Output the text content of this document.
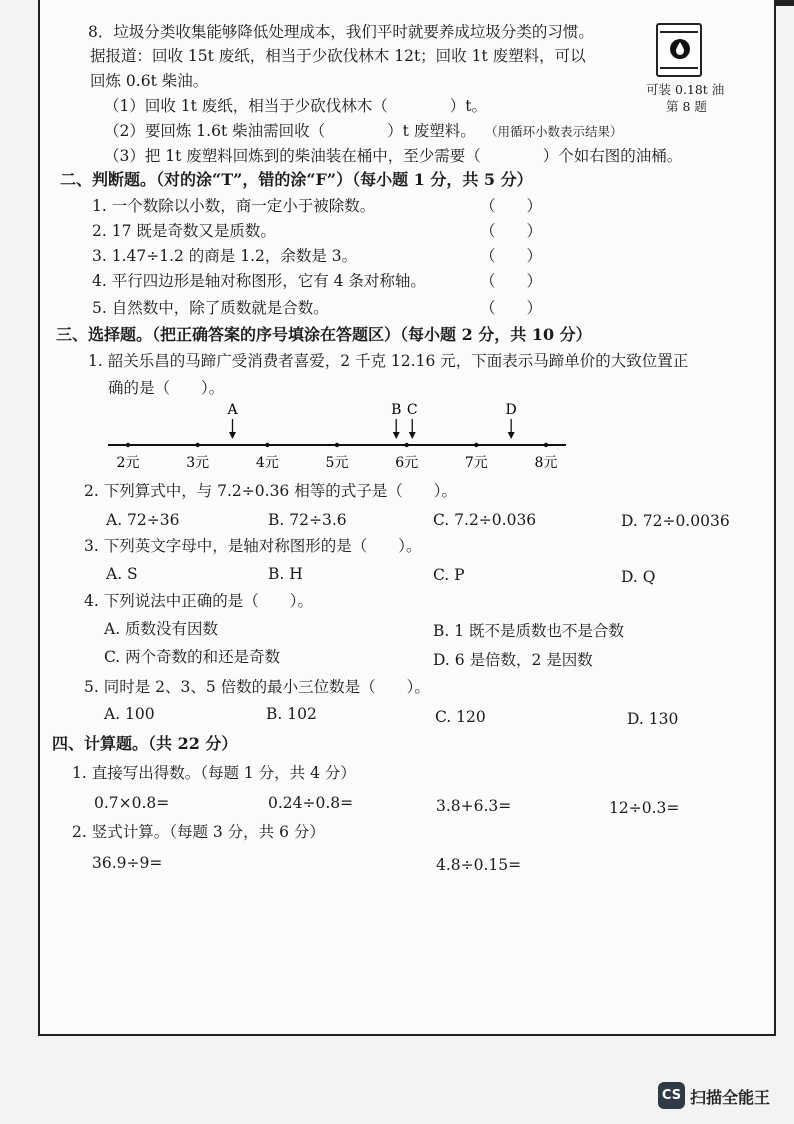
8．垃圾分类收集能够降低处理成本，我们平时就要养成垃圾分类的习惯。
据报道：回收 15t 废纸，相当于少砍伐林木 12t；回收 1t 废塑料，可以
回炼 0.6t 柴油。
（1）回收 1t 废纸，相当于少砍伐林木（　　　　）t。
（2）要回炼 1.6t 柴油需回收（　　　　）t 废塑料。 （用循环小数表示结果）
（3）把 1t 废塑料回炼到的柴油装在桶中，至少需要（　　　　）个如右图的油桶。
可装 0.18t 油
第 8 题
二、判断题。（对的涂“T”，错的涂“F”）（每小题 1 分，共 5 分）
1. 一个数除以小数，商一定小于被除数。	（　　）
2. 17 既是奇数又是质数。	（　　）
3. 1.47÷1.2 的商是 1.2，余数是 3。	（　　）
4. 平行四边形是轴对称图形，它有 4 条对称轴。	（　　）
5. 自然数中，除了质数就是合数。	（　　）
三、选择题。（把正确答案的序号填涂在答题区）（每小题 2 分，共 10 分）
1. 韶关乐昌的马蹄广受消费者喜爱，2 千克 12.16 元，下面表示马蹄单价的大致位置正
确的是（　　）。
2元	3元	4元	5元	6元	7元	8元
A	B C	D
2. 下列算式中，与 7.2÷0.36 相等的式子是（　　）。
A. 72÷36	B. 72÷3.6	C. 7.2÷0.036	D. 72÷0.0036
3. 下列英文字母中，是轴对称图形的是（　　）。
A. S	B. H	C. P	D. Q
4. 下列说法中正确的是（　　）。
A. 质数没有因数	B. 1 既不是质数也不是合数
C. 两个奇数的和还是奇数	D. 6 是倍数，2 是因数
5. 同时是 2、3、5 倍数的最小三位数是（　　）。
A. 100	B. 102	C. 120	D. 130
四、计算题。（共 22 分）
1. 直接写出得数。（每题 1 分，共 4 分）
0.7×0.8=	0.24÷0.8=	3.8+6.3=	12÷0.3=
2. 竖式计算。（每题 3 分，共 6 分）
36.9÷9=	4.8÷0.15=
CS 扫描全能王
